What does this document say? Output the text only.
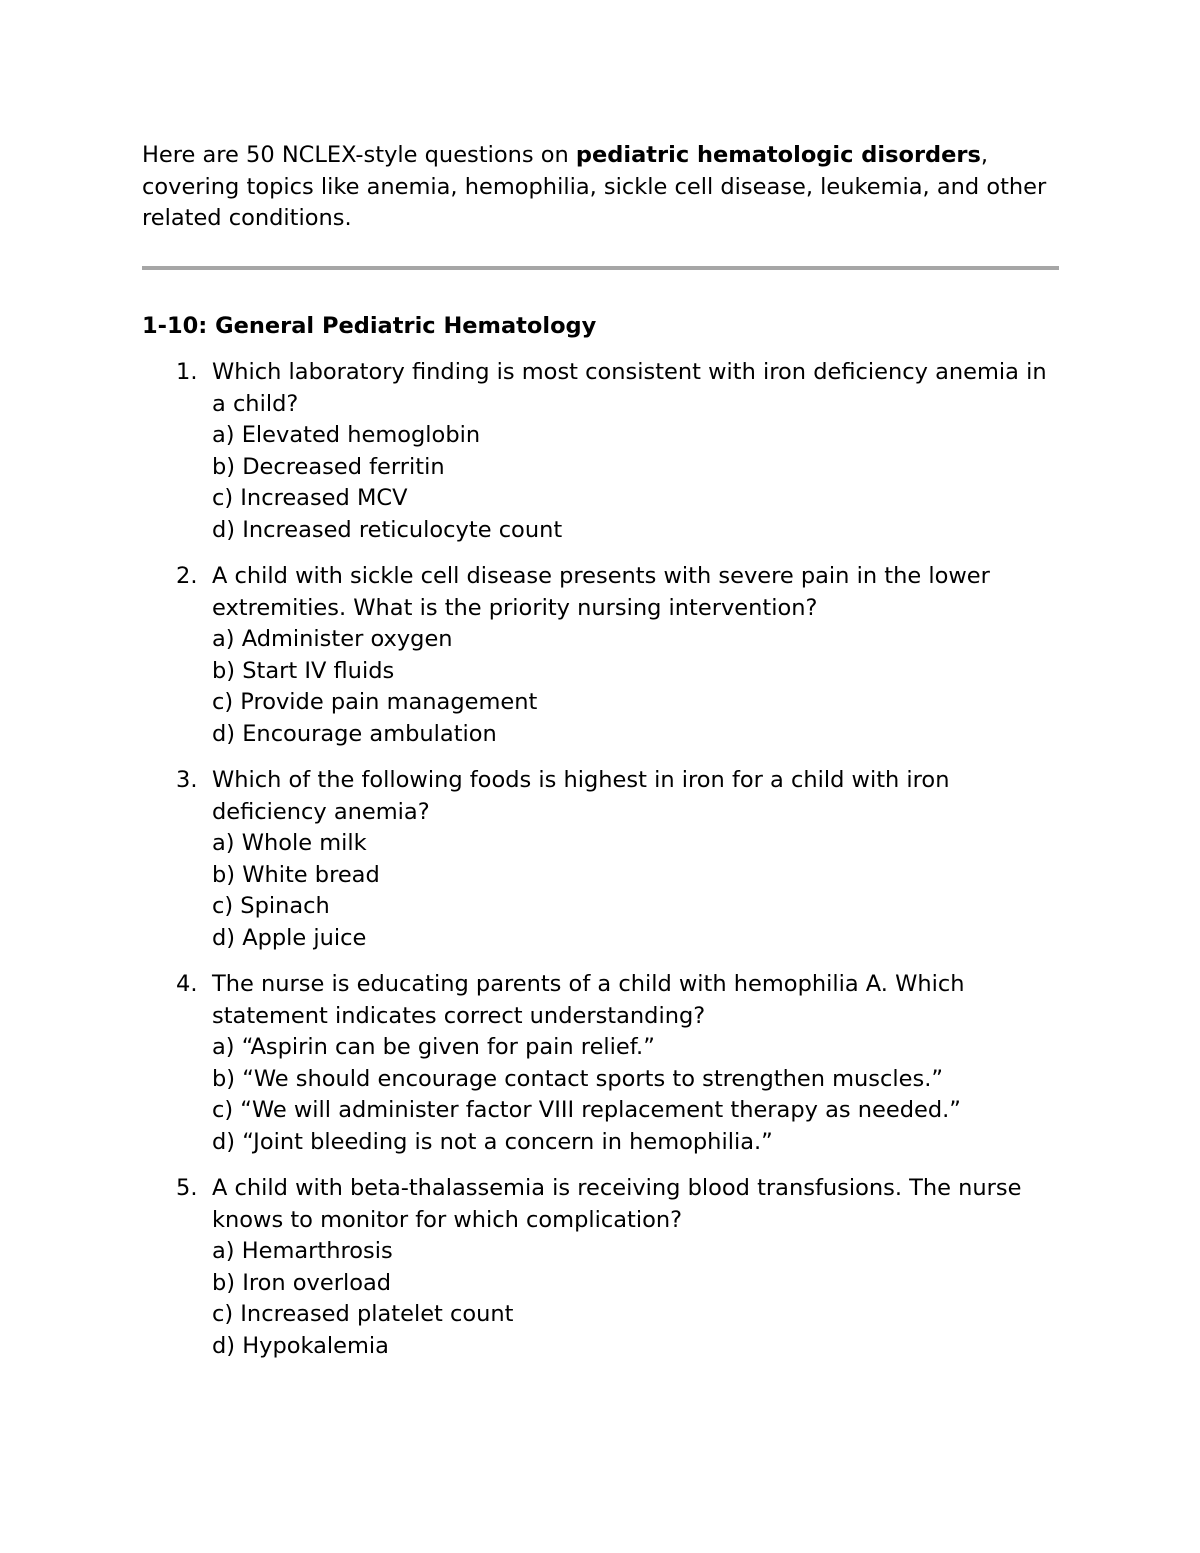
Here are 50 NCLEX-style questions on pediatric hematologic disorders, covering topics like anemia, hemophilia, sickle cell disease, leukemia, and other related conditions.

1-10: General Pediatric Hematology
1. Which laboratory finding is most consistent with iron deficiency anemia in a child?
a) Elevated hemoglobin
b) Decreased ferritin
c) Increased MCV
d) Increased reticulocyte count
2. A child with sickle cell disease presents with severe pain in the lower extremities. What is the priority nursing intervention?
a) Administer oxygen
b) Start IV fluids
c) Provide pain management
d) Encourage ambulation
3. Which of the following foods is highest in iron for a child with iron deficiency anemia?
a) Whole milk
b) White bread
c) Spinach
d) Apple juice
4. The nurse is educating parents of a child with hemophilia A. Which statement indicates correct understanding?
a) “Aspirin can be given for pain relief.”
b) “We should encourage contact sports to strengthen muscles.”
c) “We will administer factor VIII replacement therapy as needed.”
d) “Joint bleeding is not a concern in hemophilia.”
5. A child with beta-thalassemia is receiving blood transfusions. The nurse knows to monitor for which complication?
a) Hemarthrosis
b) Iron overload
c) Increased platelet count
d) Hypokalemia
